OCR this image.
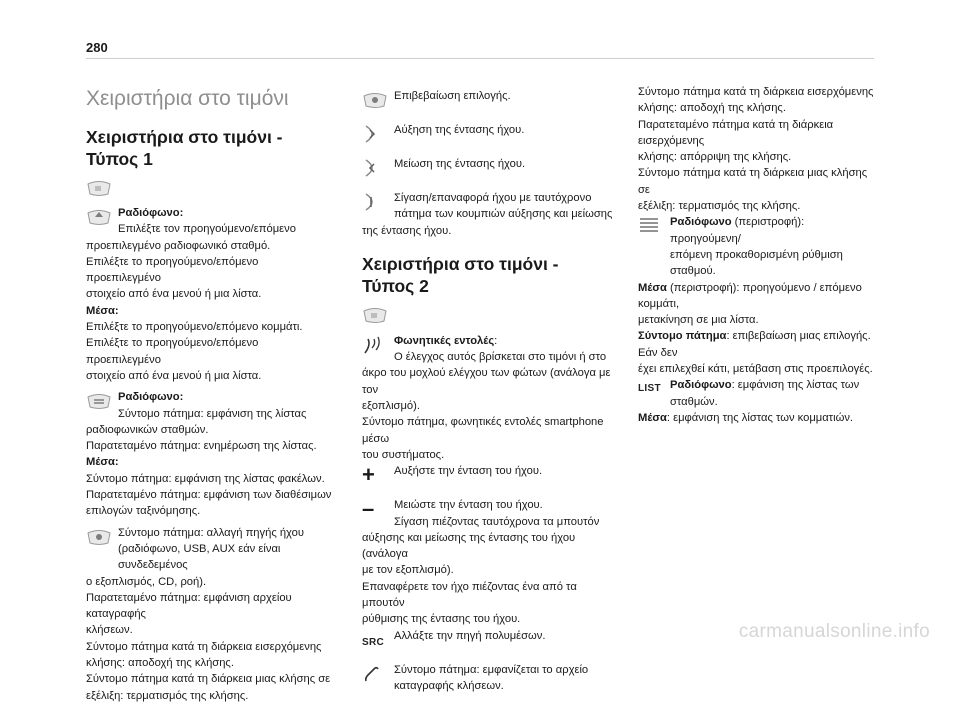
280
Χειριστήρια στο τιμόνι
Χειριστήρια στο τιμόνι - Τύπος 1
Ραδιόφωνο:
Επιλέξτε τον προηγούμενο/επόμενο
προεπιλεγμένο ραδιοφωνικό σταθμό.
Επιλέξτε το προηγούμενο/επόμενο προεπιλεγμένο
στοιχείο από ένα μενού ή μια λίστα.
Μέσα:
Επιλέξτε το προηγούμενο/επόμενο κομμάτι.
Επιλέξτε το προηγούμενο/επόμενο προεπιλεγμένο
στοιχείο από ένα μενού ή μια λίστα.
Ραδιόφωνο:
Σύντομο πάτημα: εμφάνιση της λίστας
ραδιοφωνικών σταθμών.
Παρατεταμένο πάτημα: ενημέρωση της λίστας.
Μέσα:
Σύντομο πάτημα: εμφάνιση της λίστας φακέλων.
Παρατεταμένο πάτημα: εμφάνιση των διαθέσιμων
επιλογών ταξινόμησης.
Σύντομο πάτημα: αλλαγή πηγής ήχου
(ραδιόφωνο, USB, AUX εάν είναι συνδεδεμένος
ο εξοπλισμός, CD, ροή).
Παρατεταμένο πάτημα: εμφάνιση αρχείου καταγραφής
κλήσεων.
Σύντομο πάτημα κατά τη διάρκεια εισερχόμενης
κλήσης: αποδοχή της κλήσης.
Σύντομο πάτημα κατά τη διάρκεια μιας κλήσης σε
εξέλιξη: τερματισμός της κλήσης.
Επιβεβαίωση επιλογής.
Αύξηση της έντασης ήχου.
Μείωση της έντασης ήχου.
Σίγαση/επαναφορά ήχου με ταυτόχρονο
πάτημα των κουμπιών αύξησης και μείωσης
της έντασης ήχου.
Χειριστήρια στο τιμόνι - Τύπος 2
Φωνητικές εντολές:
Ο έλεγχος αυτός βρίσκεται στο τιμόνι ή στο
άκρο του μοχλού ελέγχου των φώτων (ανάλογα με τον
εξοπλισμό).
Σύντομο πάτημα, φωνητικές εντολές smartphone μέσω
του συστήματος.
+ Αυξήστε την ένταση του ήχου.
–	Μειώστε την ένταση του ήχου.
Σίγαση πιέζοντας ταυτόχρονα τα μπουτόν
αύξησης και μείωσης της έντασης του ήχου (ανάλογα
με τον εξοπλισμό).
Επαναφέρετε τον ήχο πιέζοντας ένα από τα μπουτόν
ρύθμισης της έντασης του ήχου.
SRC
Αλλάξτε την πηγή πολυμέσων.
Σύντομο πάτημα: εμφανίζεται το αρχείο
καταγραφής κλήσεων.
Σύντομο πάτημα κατά τη διάρκεια εισερχόμενης
κλήσης: αποδοχή της κλήσης.
Παρατεταμένο πάτημα κατά τη διάρκεια εισερχόμενης
κλήσης: απόρριψη της κλήσης.
Σύντομο πάτημα κατά τη διάρκεια μιας κλήσης σε
εξέλιξη: τερματισμός της κλήσης.
Ραδιόφωνο (περιστροφή): προηγούμενη/
επόμενη προκαθορισμένη ρύθμιση σταθμού.
Μέσα (περιστροφή): προηγούμενο / επόμενο κομμάτι,
μετακίνηση σε μια λίστα.
Σύντομο πάτημα: επιβεβαίωση μιας επιλογής. Εάν δεν
έχει επιλεχθεί κάτι, μετάβαση στις προεπιλογές.
LIST Ραδιόφωνο: εμφάνιση της λίστας των
σταθμών.
Μέσα: εμφάνιση της λίστας των κομματιών.
carmanualsonline.info
